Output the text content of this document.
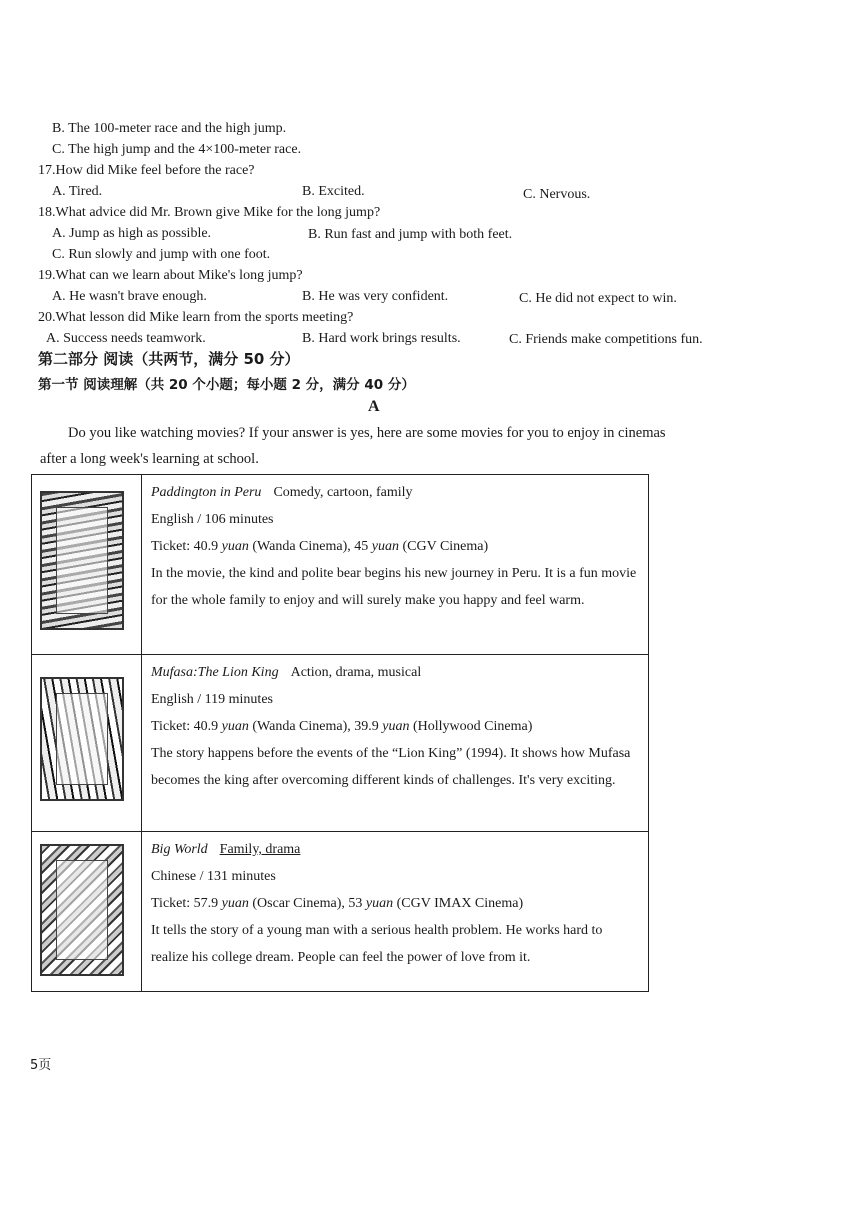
B. The 100-meter race and the high jump.
C. The high jump and the 4×100-meter race.
17.How did Mike feel before the race?
A. Tired.	B. Excited.	C. Nervous.
18.What advice did Mr. Brown give Mike for the long jump?
A. Jump as high as possible.	B. Run fast and jump with both feet.
C. Run slowly and jump with one foot.
19.What can we learn about Mike's long jump?
A. He wasn't brave enough.	B. He was very confident.	C. He did not expect to win.
20.What lesson did Mike learn from the sports meeting?
A. Success needs teamwork.	B. Hard work brings results.	C. Friends make competitions fun.
第二部分 阅读（共两节，满分 50 分）
第一节 阅读理解（共 20 个小题；每小题 2 分，满分 40 分）
A
Do you like watching movies? If your answer is yes, here are some movies for you to enjoy in cinemas
after a long week's learning at school.

	Paddington in Peru Comedy, cartoon, family
English / 106 minutes
Ticket: 40.9 yuan (Wanda Cinema), 45 yuan (CGV Cinema)
In the movie, the kind and polite bear begins his new journey in Peru. It is a fun movie for the whole family to enjoy and will surely make you happy and feel warm.

	Mufasa:The Lion King Action, drama, musical
English / 119 minutes
Ticket: 40.9 yuan (Wanda Cinema), 39.9 yuan (Hollywood Cinema)
The story happens before the events of the “Lion King” (1994). It shows how Mufasa becomes the king after overcoming different kinds of challenges. It's very exciting.

	Big World Family, drama
Chinese / 131 minutes
Ticket: 57.9 yuan (Oscar Cinema), 53 yuan (CGV IMAX Cinema)
It tells the story of a young man with a serious health problem. He works hard to realize his college dream. People can feel the power of love from it.
5页
